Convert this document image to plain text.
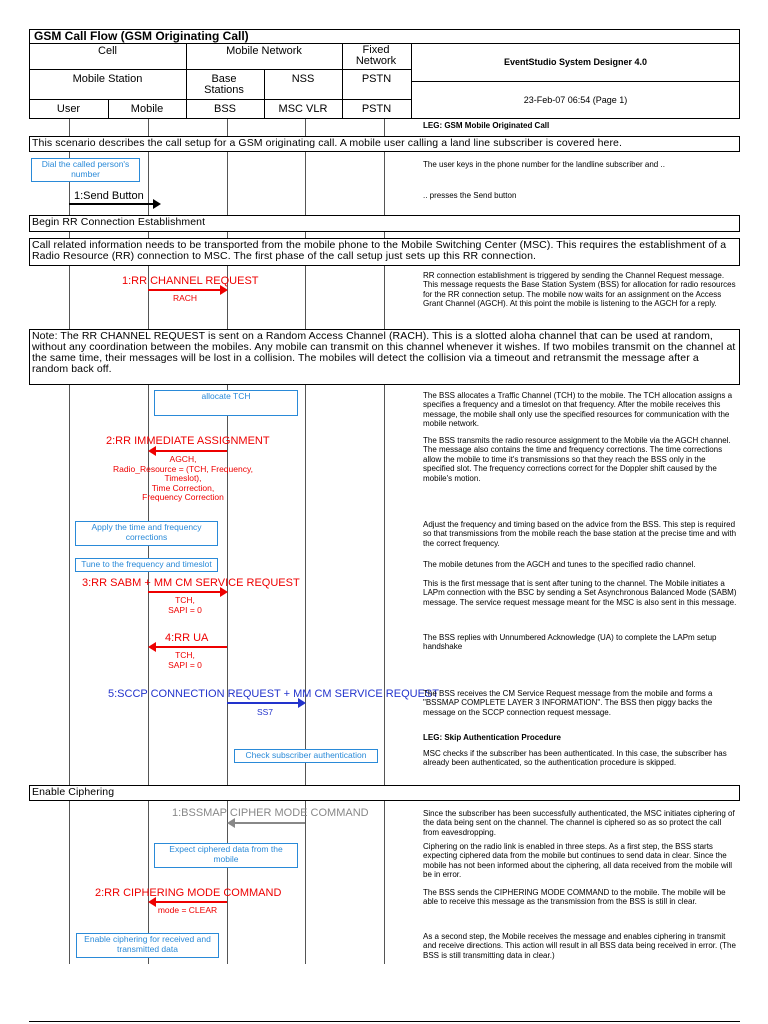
GSM Call Flow (GSM Originating Call)
Cell	Mobile Network	Fixed Network
Mobile Station	Base Stations
NSS	PSTN
User	Mobile	BSS	MSC VLR	PSTN
EventStudio System Designer 4.0
23-Feb-07 06:54 (Page 1)
LEG: GSM Mobile Originated Call
This scenario describes the call setup for a GSM originating call. A mobile user calling a land line subscriber is covered here.
Dial the called person's number
The user keys in the phone number for the landline subscriber and ..
1:Send Button	.. presses the Send button
Begin RR Connection Establishment
Call related information needs to be transported from the mobile phone to the Mobile Switching Center (MSC). This requires the establishment of a Radio Resource (RR) connection to MSC. The first phase of the call setup just sets up this RR connection.
1:RR CHANNEL REQUEST
RACH
RR connection establishment is triggered by sending the Channel Request message. This message requests the Base Station System (BSS) for allocation for radio resources for the RR connection setup. The mobile now waits for an assignment on the Access Grant Channel (AGCH). At this point the mobile is listening to the AGCH for a reply.
Note: The RR CHANNEL REQUEST is sent on a Random Access Channel (RACH). This is a slotted aloha channel that can be used at random, without any coordination between the mobiles. Any mobile can transmit on this channel whenever it wishes. If two mobiles transmit on the channel at the same time, their messages will be lost in a collision. The mobiles will detect the collision via a timeout and retransmit the message after a random back off.
allocate TCH	The BSS allocates a Traffic Channel (TCH) to the mobile. The TCH allocation assigns a specifies a frequency and a timeslot on that frequency. After the mobile receives this message, the mobile shall only use the specified resources for communication with the mobile network.
2:RR IMMEDIATE ASSIGNMENT
AGCH,
Radio_Resource = (TCH, Frequency,
Timeslot),
Time Correction,
Frequency Correction
The BSS transmits the radio resource assignment to the Mobile via the AGCH channel. The message also contains the time and frequency corrections. The time corrections allow the mobile to time it's transmissions so that they reach the BSS only in the specified slot. The frequency corrections correct for the Doppler shift caused by the mobile's motion.
Apply the time and frequency corrections
Adjust the frequency and timing based on the advice from the BSS. This step is required so that transmissions from the mobile reach the base station at the precise time and with the correct frequency.
Tune to the frequency and timeslot	The mobile detunes from the AGCH and tunes to the specified radio channel.
3:RR SABM + MM CM SERVICE REQUEST
TCH,
SAPI = 0
This is the first message that is sent after tuning to the channel. The Mobile initiates a LAPm connection with the BSC by sending a Set Asynchronous Balanced Mode (SABM) message. The service request message meant for the MSC is also sent in this message.
4:RR UA
TCH,
SAPI = 0
The BSS replies with Unnumbered Acknowledge (UA) to complete the LAPm setup handshake
5:SCCP CONNECTION REQUEST + MM CM SERVICE REQUEST
SS7
The BSS receives the CM Service Request message from the mobile and forms a "BSSMAP COMPLETE LAYER 3 INFORMATION". The BSS then piggy backs the message on the SCCP connection request message.
LEG: Skip Authentication Procedure
Check subscriber authentication	MSC checks if the subscriber has been authenticated. In this case, the subscriber has already been authenticated, so the authentication procedure is skipped.
Enable Ciphering
1:BSSMAP CIPHER MODE COMMAND	Since the subscriber has been successfully authenticated, the MSC initiates ciphering of the data being sent on the channel. The channel is ciphered so as so protect the call from eavesdropping.
Expect ciphered data from the mobile
Ciphering on the radio link is enabled in three steps. As a first step, the BSS starts expecting ciphered data from the mobile but continues to send data in clear. Since the mobile has not been informed about the ciphering, all data received from the mobile will be in error.
2:RR CIPHERING MODE COMMAND
mode = CLEAR
The BSS sends the CIPHERING MODE COMMAND to the mobile. The mobile will be able to receive this message as the transmission from the BSS is still in clear.
Enable ciphering for received and transmitted data
As a second step, the Mobile receives the message and enables ciphering in transmit and receive directions. This action will result in all BSS data being received in error. (The BSS is still transmitting data in clear.)
